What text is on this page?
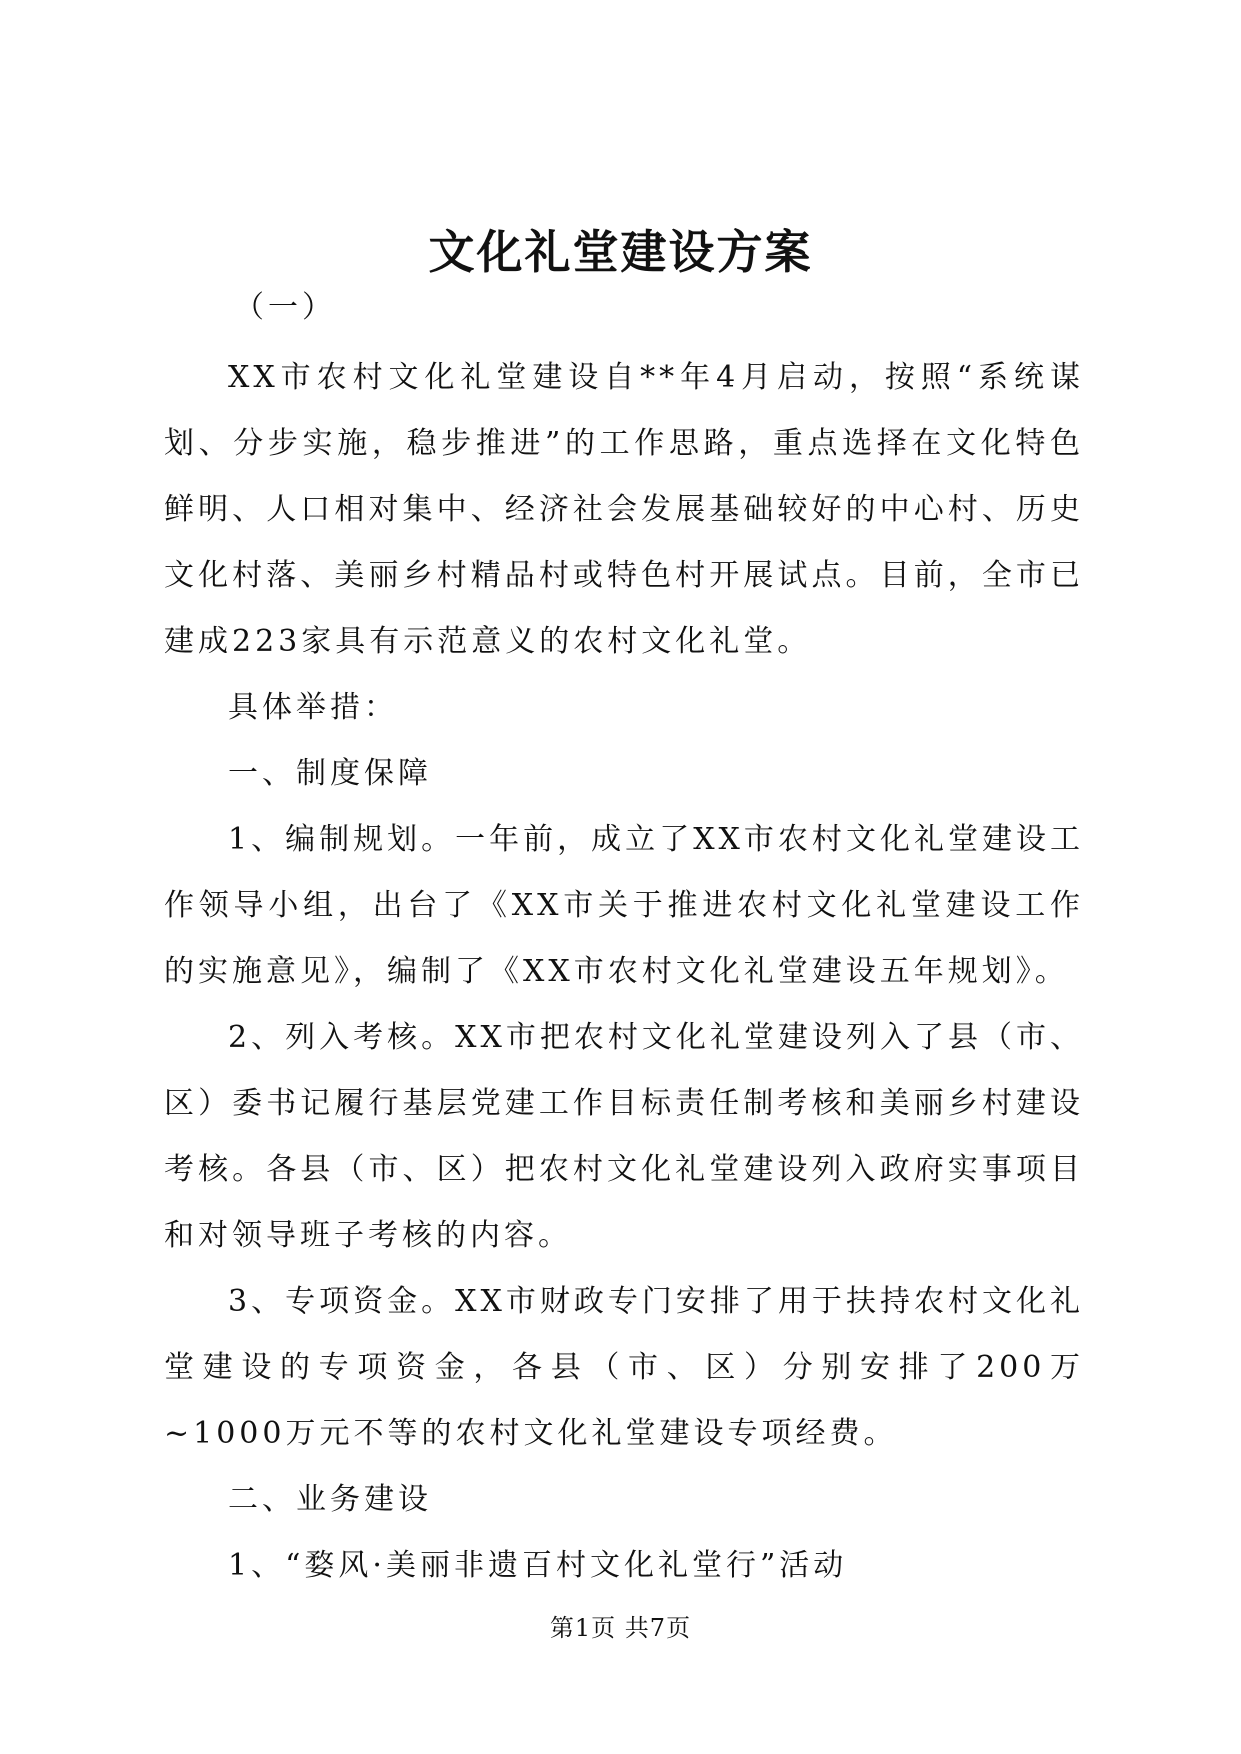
文化礼堂建设方案

（一）

XX市农村文化礼堂建设自**年4月启动，按照“系统谋划、分步实施，稳步推进”的工作思路，重点选择在文化特色鲜明、人口相对集中、经济社会发展基础较好的中心村、历史文化村落、美丽乡村精品村或特色村开展试点。目前，全市已建成223家具有示范意义的农村文化礼堂。

具体举措：

一、制度保障

1、编制规划。一年前，成立了XX市农村文化礼堂建设工作领导小组，出台了《XX市关于推进农村文化礼堂建设工作的实施意见》，编制了《XX市农村文化礼堂建设五年规划》。

2、列入考核。XX市把农村文化礼堂建设列入了县（市、区）委书记履行基层党建工作目标责任制考核和美丽乡村建设考核。各县（市、区）把农村文化礼堂建设列入政府实事项目和对领导班子考核的内容。

3、专项资金。XX市财政专门安排了用于扶持农村文化礼堂建设的专项资金，各县（市、区）分别安排了200万~1000万元不等的农村文化礼堂建设专项经费。

二、业务建设

1、“婺风·美丽非遗百村文化礼堂行”活动

第1页 共7页
